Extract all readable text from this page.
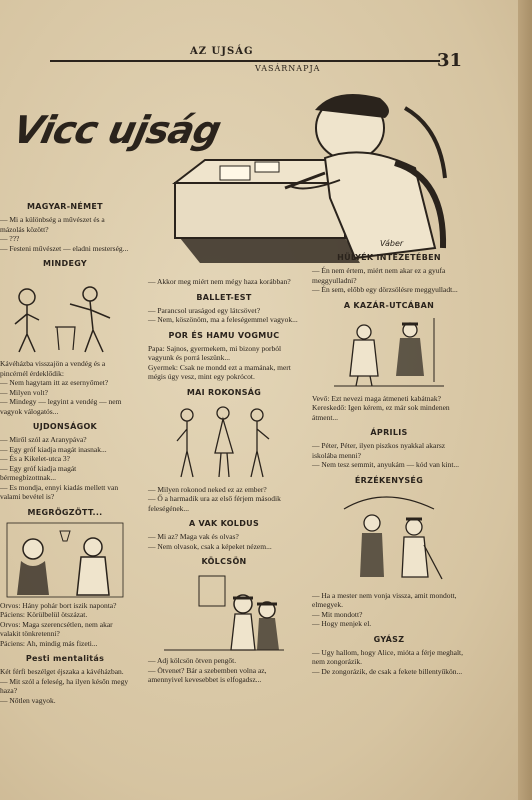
AZ UJSÁG
VASÁRNAPJA	31
Vicc ujság
Váber
MAGYAR-NÉMET

— Mi a különbség a művészet és a mázolás között?
— ???
— Festeni művészet — eladni mesterség...

MINDEGY

Kávéházba visszajön a vendég és a pincérnél érdeklődik:
— Nem hagytam itt az esernyőmet?
— Milyen volt?
— Mindegy — legyint a vendég — nem vagyok válogatós...

UJDONSÁGOK

— Miről szól az Aranypáva?
— Egy gróf kiadja magát inasnak...
— És a Kikelet-utca 3?
— Egy gróf kiadja magát bérmegbízottnak...
— Es mondja, ennyi kiadás mellett van valami bevétel is?

MEGRÖGZÖTT...

Orvos: Hány pohár bort iszik naponta?
Páciens: Körülbelül ötszázat.
Orvos: Maga szerencsétlen, nem akar valakit tönkretenni?
Páciens: Ah, mindig más fizeti...

Pesti mentalitás

Két férfi beszélget éjszaka a kávéházban.
— Mit szól a feleség, ha ilyen későn megy haza?
— Nőtlen vagyok.

— Akkor meg miért nem mégy haza korábban?

BALLET-EST

— Parancsol uraságod egy látcsövet?
— Nem, köszönöm, ma a feleségemmel vagyok...

POR ÉS HAMU VOGMUC

Papa: Sajnos, gyermekem, mi bizony porból vagyunk és porrá leszünk...
Gyermek: Csak ne mondd ezt a mamának, mert mégis úgy vesz, mint egy pokrócot.

MAI ROKONSÁG

— Milyen rokonod neked ez az ember?
— Ő a harmadik ura az első férjem második feleségének...

A VAK KOLDUS

— Mi az? Maga vak és olvas?
— Nem olvasok, csak a képeket nézem...

KÖLCSÖN

— Adj kölcsön ötven pengőt.
— Ötvenet? Bár a szebemben volna az, amennyivel kevesebbet is elfogadsz...

HÜLYÉK INTÉZETÉBEN

— Én nem értem, miért nem akar ez a gyufa meggyulladni?
— Én sem, előbb egy dörzsölésre meggyulladt...

A KAZÁR-UTCÁBAN

Vevő: Ezt nevezi maga átmeneti kabátnak?
Kereskedő: Igen kérem, ez már sok mindenen átment...

ÁPRILIS

— Péter, Péter, ilyen piszkos nyakkal akarsz iskolába menni?
— Nem tesz semmit, anyukám — kód van kint...

ÉRZÉKENYSÉG

— Ha a mester nem vonja vissza, amit mondott, elmegyek.
— Mit mondott?
— Hogy menjek el.

GYÁSZ

— Ugy hallom, hogy Alice, mióta a férje meghalt, nem zongorázik.
— De zongorázik, de csak a fekete billentyűkön...
